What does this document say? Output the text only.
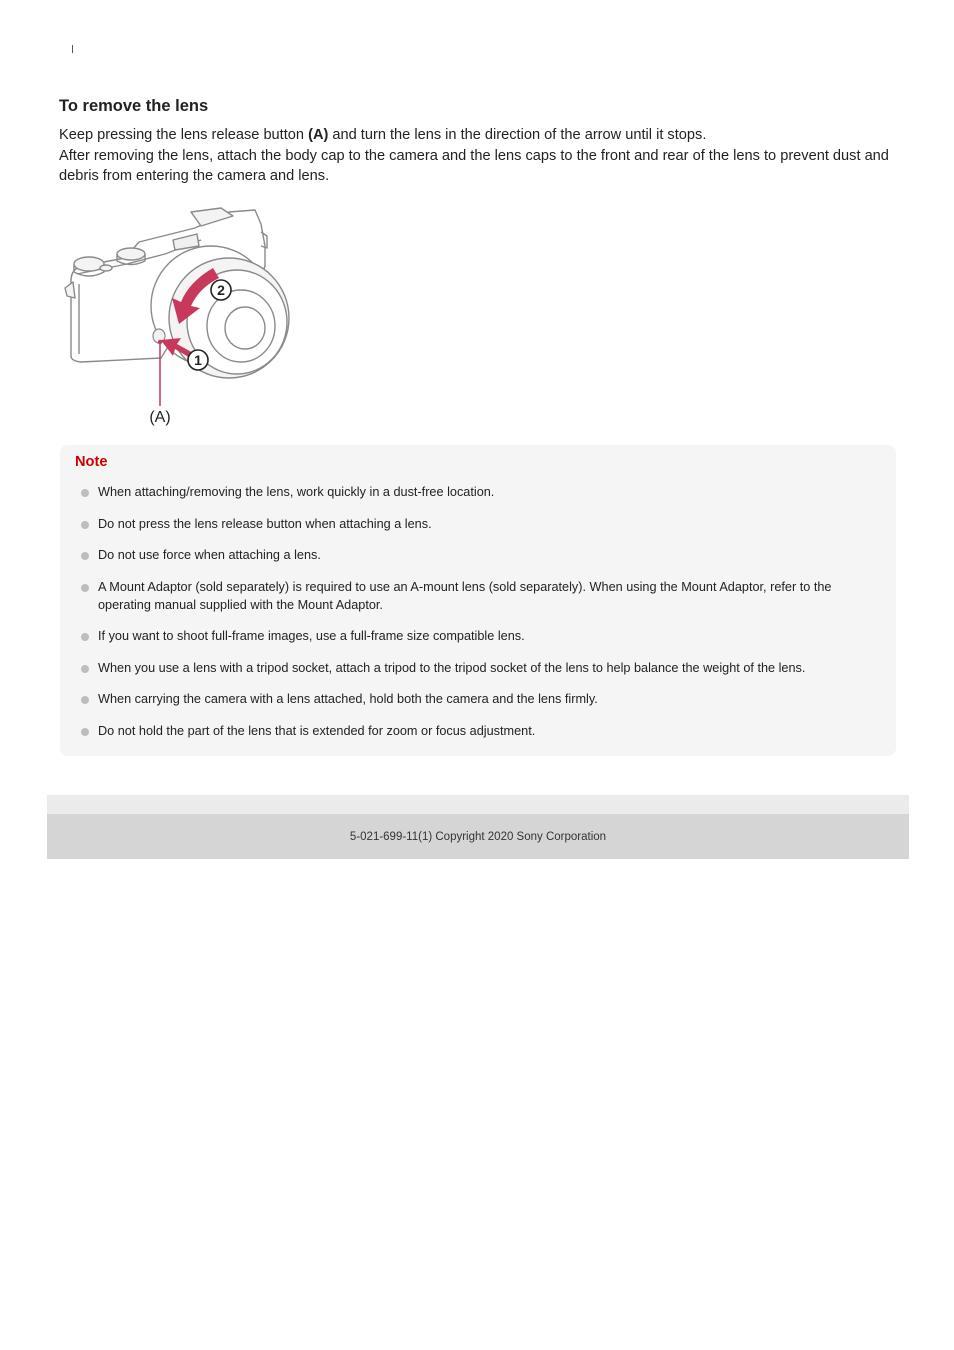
To remove the lens

Keep pressing the lens release button (A) and turn the lens in the direction of the arrow until it stops.

After removing the lens, attach the body cap to the camera and the lens caps to the front and rear of the lens to prevent dust and debris from entering the camera and lens.

2
1
(A)

Note

When attaching/removing the lens, work quickly in a dust-free location.
Do not press the lens release button when attaching a lens.
Do not use force when attaching a lens.
A Mount Adaptor (sold separately) is required to use an A-mount lens (sold separately). When using the Mount Adaptor, refer to the operating manual supplied with the Mount Adaptor.
If you want to shoot full-frame images, use a full-frame size compatible lens.
When you use a lens with a tripod socket, attach a tripod to the tripod socket of the lens to help balance the weight of the lens.
When carrying the camera with a lens attached, hold both the camera and the lens firmly.
Do not hold the part of the lens that is extended for zoom or focus adjustment.
5-021-699-11(1) Copyright 2020 Sony Corporation
